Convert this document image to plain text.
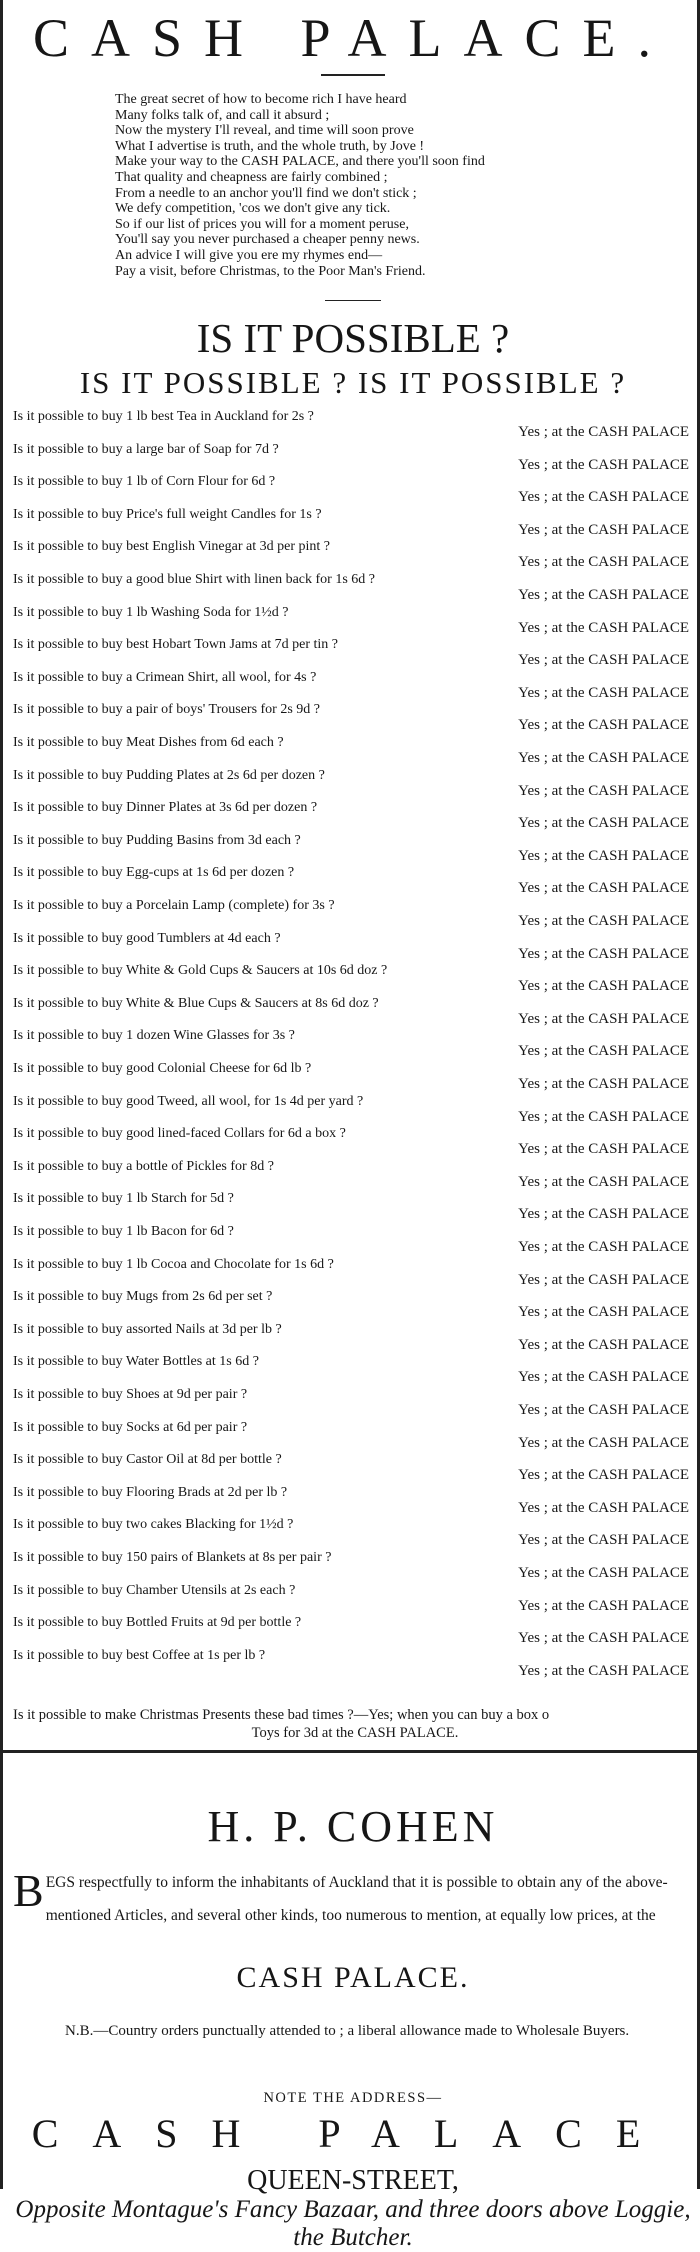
CASH PALACE.
The great secret of how to become rich I have heard
Many folks talk of, and call it absurd ;
Now the mystery I'll reveal, and time will soon prove
What I advertise is truth, and the whole truth, by Jove !
Make your way to the CASH PALACE, and there you'll soon find
That quality and cheapness are fairly combined ;
From a needle to an anchor you'll find we don't stick ;
We defy competition, 'cos we don't give any tick.
So if our list of prices you will for a moment peruse,
You'll say you never purchased a cheaper penny news.
An advice I will give you ere my rhymes end—
Pay a visit, before Christmas, to the Poor Man's Friend.
IS IT POSSIBLE ?
IS IT POSSIBLE ? IS IT POSSIBLE ?
Is it possible to buy 1 lb best Tea in Auckland for 2s ?
Yes ; at the CASH PALACE
Is it possible to buy a large bar of Soap for 7d ?
Yes ; at the CASH PALACE
Is it possible to buy 1 lb of Corn Flour for 6d ?
Yes ; at the CASH PALACE
Is it possible to buy Price's full weight Candles for 1s ?
Yes ; at the CASH PALACE
Is it possible to buy best English Vinegar at 3d per pint ?
Yes ; at the CASH PALACE
Is it possible to buy a good blue Shirt with linen back for 1s 6d ?
Yes ; at the CASH PALACE
Is it possible to buy 1 lb Washing Soda for 1½d ?
Yes ; at the CASH PALACE
Is it possible to buy best Hobart Town Jams at 7d per tin ?
Yes ; at the CASH PALACE
Is it possible to buy a Crimean Shirt, all wool, for 4s ?
Yes ; at the CASH PALACE
Is it possible to buy a pair of boys' Trousers for 2s 9d ?
Yes ; at the CASH PALACE
Is it possible to buy Meat Dishes from 6d each ?
Yes ; at the CASH PALACE
Is it possible to buy Pudding Plates at 2s 6d per dozen ?
Yes ; at the CASH PALACE
Is it possible to buy Dinner Plates at 3s 6d per dozen ?
Yes ; at the CASH PALACE
Is it possible to buy Pudding Basins from 3d each ?
Yes ; at the CASH PALACE
Is it possible to buy Egg-cups at 1s 6d per dozen ?
Yes ; at the CASH PALACE
Is it possible to buy a Porcelain Lamp (complete) for 3s ?
Yes ; at the CASH PALACE
Is it possible to buy good Tumblers at 4d each ?
Yes ; at the CASH PALACE
Is it possible to buy White & Gold Cups & Saucers at 10s 6d doz ?
Yes ; at the CASH PALACE
Is it possible to buy White & Blue Cups & Saucers at 8s 6d doz ?
Yes ; at the CASH PALACE
Is it possible to buy 1 dozen Wine Glasses for 3s ?
Yes ; at the CASH PALACE
Is it possible to buy good Colonial Cheese for 6d lb ?
Yes ; at the CASH PALACE
Is it possible to buy good Tweed, all wool, for 1s 4d per yard ?
Yes ; at the CASH PALACE
Is it possible to buy good lined-faced Collars for 6d a box ?
Yes ; at the CASH PALACE
Is it possible to buy a bottle of Pickles for 8d ?
Yes ; at the CASH PALACE
Is it possible to buy 1 lb Starch for 5d ?
Yes ; at the CASH PALACE
Is it possible to buy 1 lb Bacon for 6d ?
Yes ; at the CASH PALACE
Is it possible to buy 1 lb Cocoa and Chocolate for 1s 6d ?
Yes ; at the CASH PALACE
Is it possible to buy Mugs from 2s 6d per set ?
Yes ; at the CASH PALACE
Is it possible to buy assorted Nails at 3d per lb ?
Yes ; at the CASH PALACE
Is it possible to buy Water Bottles at 1s 6d ?
Yes ; at the CASH PALACE
Is it possible to buy Shoes at 9d per pair ?
Yes ; at the CASH PALACE
Is it possible to buy Socks at 6d per pair ?
Yes ; at the CASH PALACE
Is it possible to buy Castor Oil at 8d per bottle ?
Yes ; at the CASH PALACE
Is it possible to buy Flooring Brads at 2d per lb ?
Yes ; at the CASH PALACE
Is it possible to buy two cakes Blacking for 1½d ?
Yes ; at the CASH PALACE
Is it possible to buy 150 pairs of Blankets at 8s per pair ?
Yes ; at the CASH PALACE
Is it possible to buy Chamber Utensils at 2s each ?
Yes ; at the CASH PALACE
Is it possible to buy Bottled Fruits at 9d per bottle ?
Yes ; at the CASH PALACE
Is it possible to buy best Coffee at 1s per lb ?
Yes ; at the CASH PALACE
Is it possible to make Christmas Presents these bad times ?—Yes; when you can buy a box o
Toys for 3d at the CASH PALACE.
H. P. COHEN
BEGS respectfully to inform the inhabitants of Auckland that it is possible to obtain any of the above-mentioned Articles, and several other kinds, too numerous to mention, at equally low prices, at the
CASH PALACE.
N.B.—Country orders punctually attended to ; a liberal allowance made to Wholesale Buyers.
NOTE THE ADDRESS—
CASH PALACE
QUEEN-STREET,
Opposite Montague's Fancy Bazaar, and three doors above Loggie, the Butcher.
